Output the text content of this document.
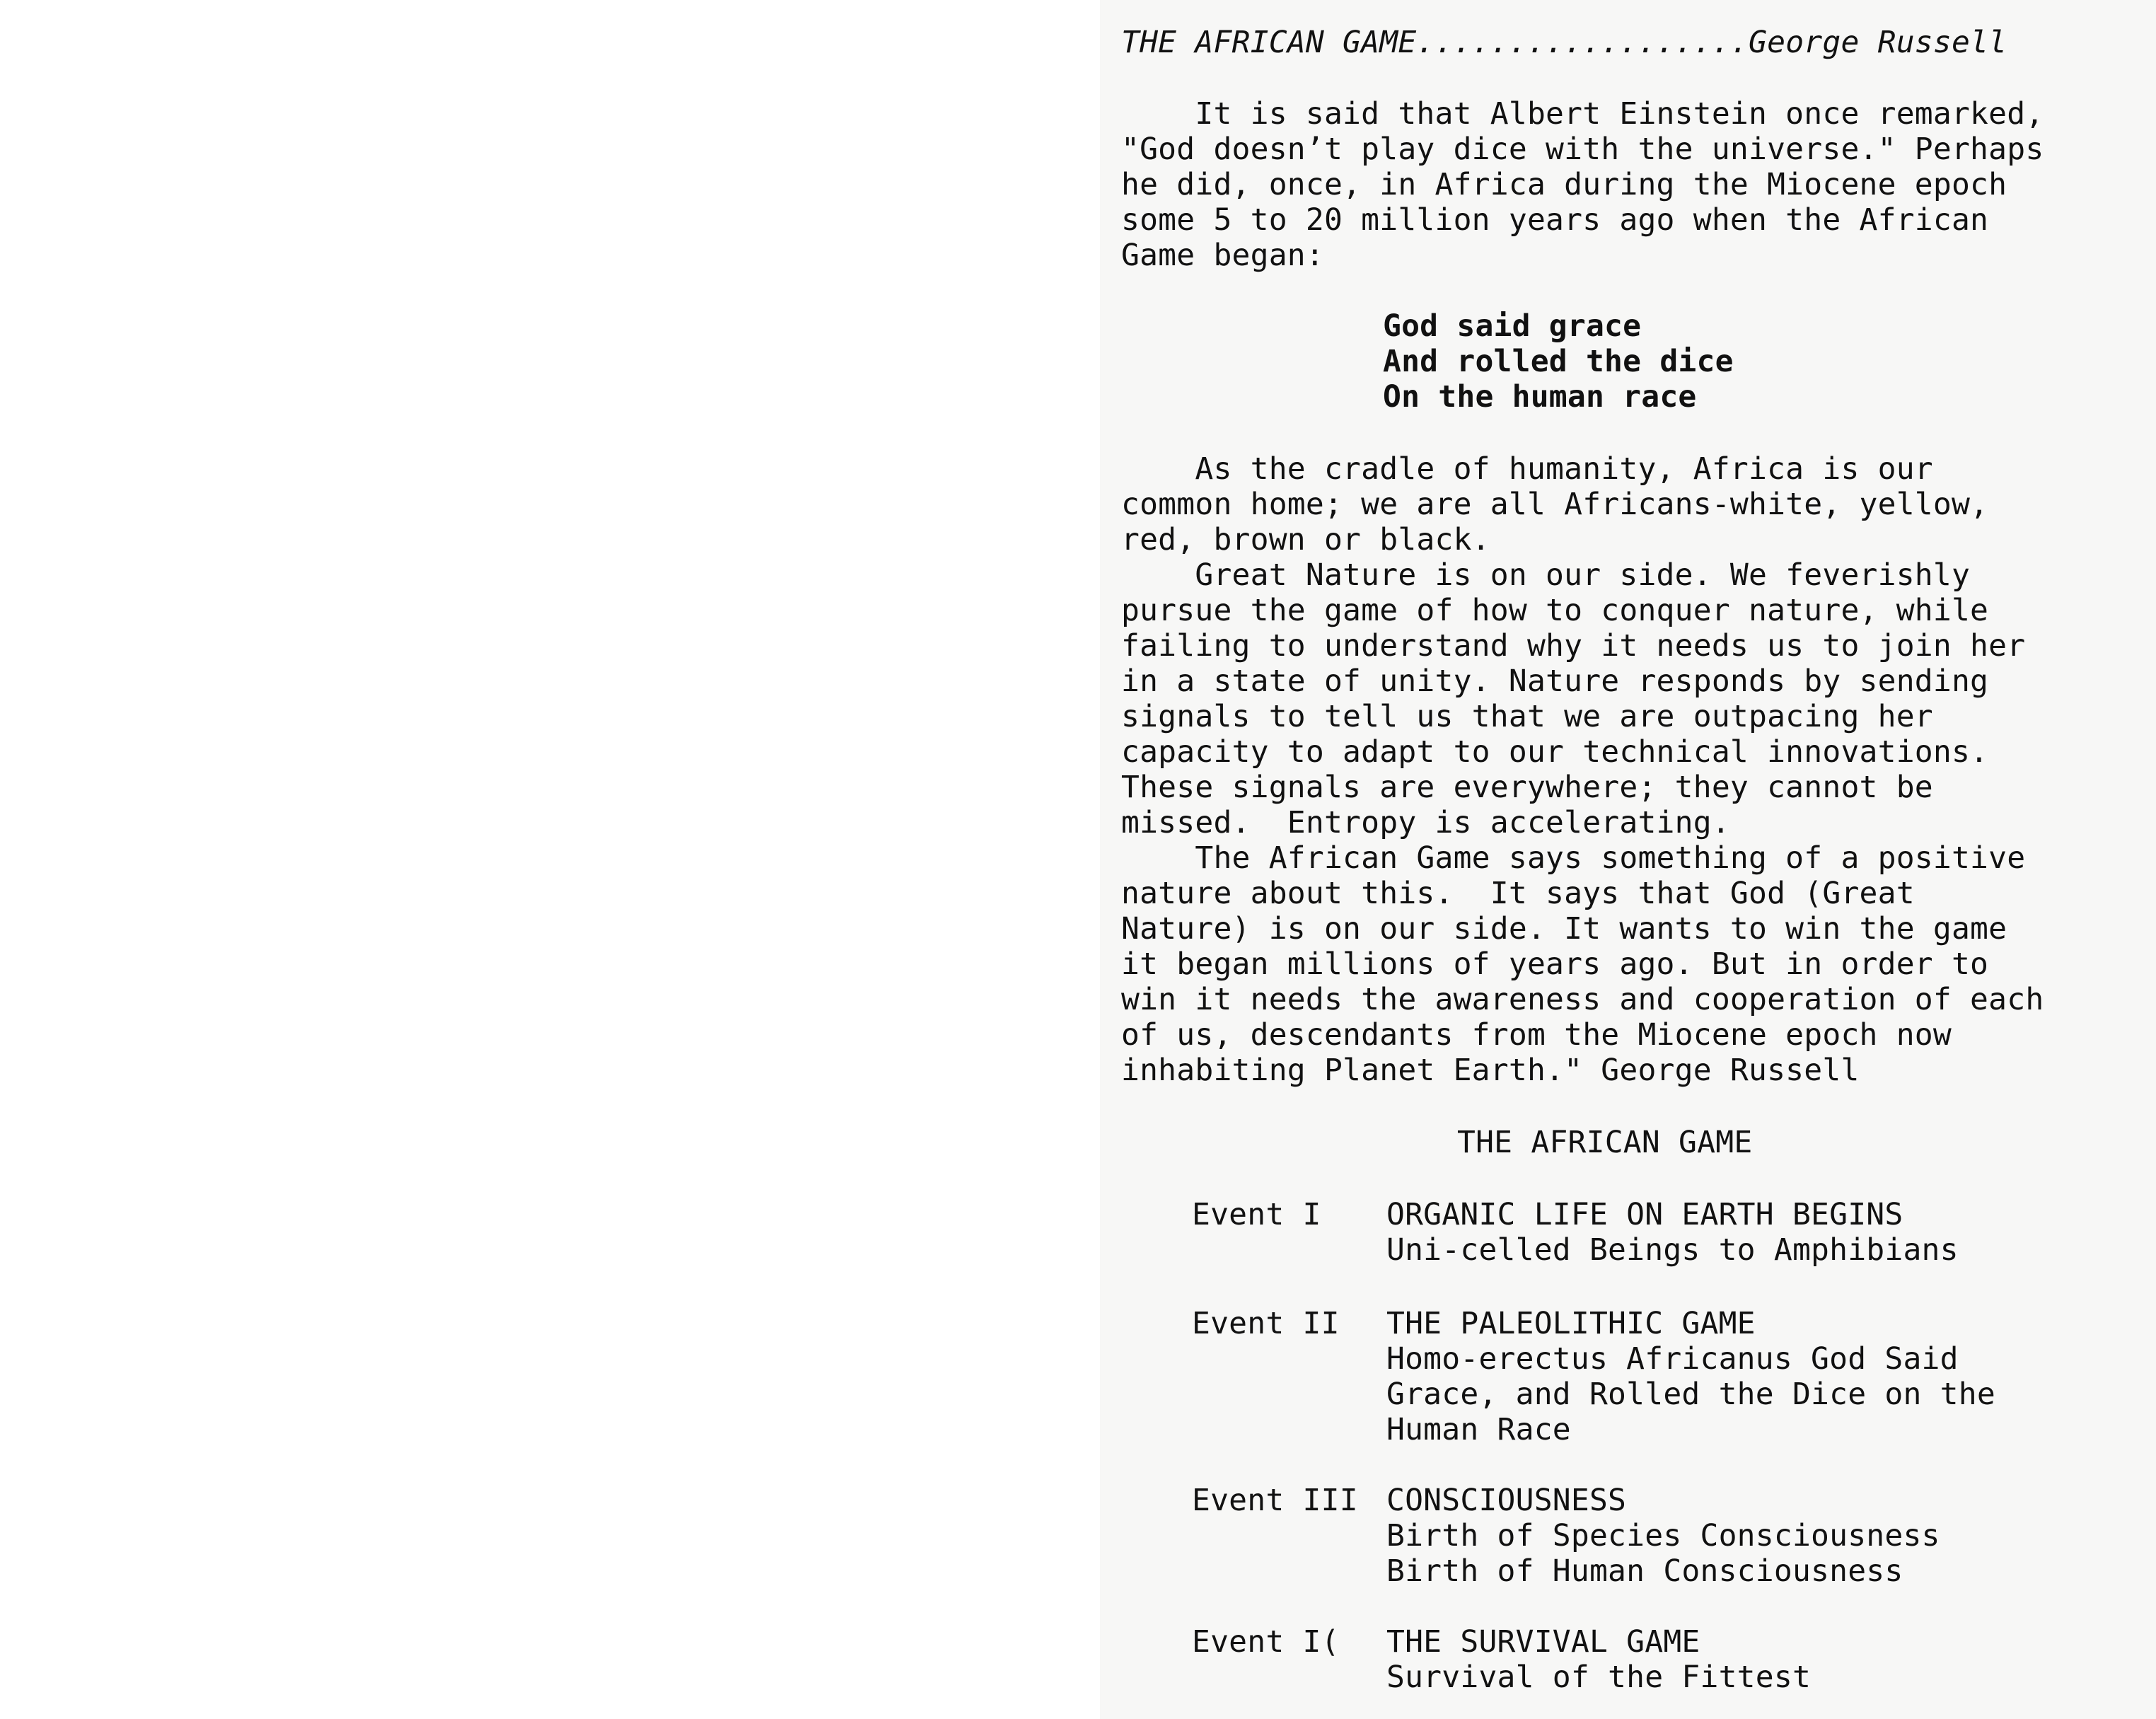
THE AFRICAN GAME..................George Russell
It is said that Albert Einstein once remarked,
"God doesn’t play dice with the universe." Perhaps
he did, once, in Africa during the Miocene epoch
some 5 to 20 million years ago when the African
Game began:
God said grace
And rolled the dice
On the human race
As the cradle of humanity, Africa is our
common home; we are all Africans-white, yellow,
red, brown or black.
Great Nature is on our side. We feverishly
pursue the game of how to conquer nature, while
failing to understand why it needs us to join her
in a state of unity. Nature responds by sending
signals to tell us that we are outpacing her
capacity to adapt to our technical innovations.
These signals are everywhere; they cannot be
missed.  Entropy is accelerating.
The African Game says something of a positive
nature about this.  It says that God (Great
Nature) is on our side. It wants to win the game
it began millions of years ago. But in order to
win it needs the awareness and cooperation of each
of us, descendants from the Miocene epoch now
inhabiting Planet Earth." George Russell
THE AFRICAN GAME
Event I ORGANIC LIFE ON EARTH BEGINS
Uni-celled Beings to Amphibians
Event II THE PALEOLITHIC GAME
Homo-erectus Africanus God Said
Grace, and Rolled the Dice on the
Human Race
Event III CONSCIOUSNESS
Birth of Species Consciousness
Birth of Human Consciousness
Event I( THE SURVIVAL GAME
Survival of the Fittest
